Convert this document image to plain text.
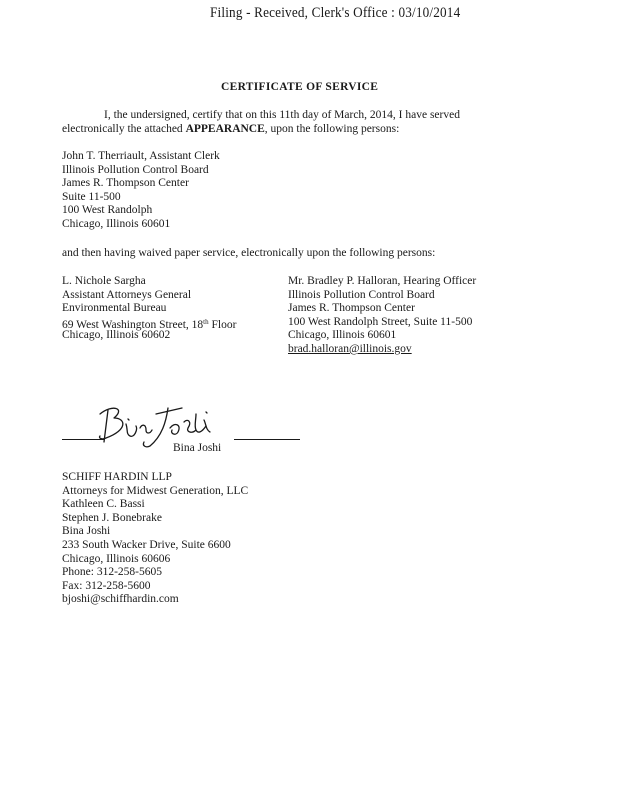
Filing - Received, Clerk's Office : 03/10/2014
CERTIFICATE OF SERVICE
I, the undersigned, certify that on this 11th day of March, 2014, I have served
electronically the attached APPEARANCE, upon the following persons:
John T. Therriault, Assistant Clerk
Illinois Pollution Control Board
James R. Thompson Center
Suite 11-500
100 West Randolph
Chicago, Illinois 60601
and then having waived paper service, electronically upon the following persons:
L. Nichole Sargha
Assistant Attorneys General
Environmental Bureau
69 West Washington Street, 18th Floor
Chicago, Illinois 60602
Mr. Bradley P. Halloran, Hearing Officer
Illinois Pollution Control Board
James R. Thompson Center
100 West Randolph Street, Suite 11-500
Chicago, Illinois 60601
brad.halloran@illinois.gov
Bina Joshi
SCHIFF HARDIN LLP
Attorneys for Midwest Generation, LLC
Kathleen C. Bassi
Stephen J. Bonebrake
Bina Joshi
233 South Wacker Drive, Suite 6600
Chicago, Illinois 60606
Phone: 312-258-5605
Fax: 312-258-5600
bjoshi@schiffhardin.com
